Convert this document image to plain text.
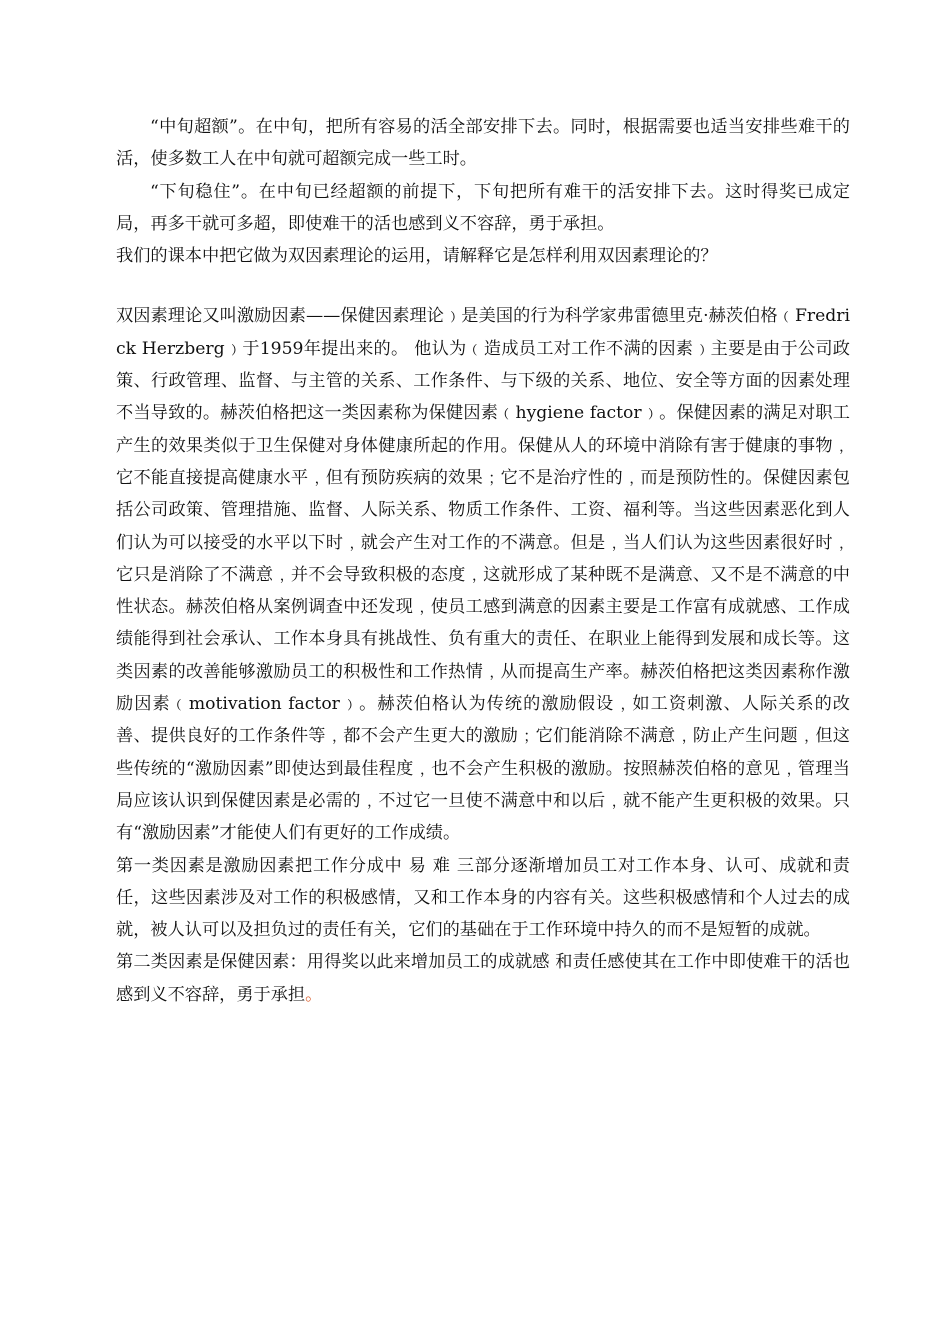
“中旬超额”。在中旬，把所有容易的活全部安排下去。同时，根据需要也适当安排些难干的活，使多数工人在中旬就可超额完成一些工时。

“下旬稳住”。在中旬已经超额的前提下，下旬把所有难干的活安排下去。这时得奖已成定局，再多干就可多超，即使难干的活也感到义不容辞，勇于承担。

我们的课本中把它做为双因素理论的运用，请解释它是怎样利用双因素理论的？

双因素理论又叫激励因素——保健因素理论﹚是美国的行为科学家弗雷德里克·赫茨伯格﹙Fredrick Herzberg﹚于1959年提出来的。 他认为﹙造成员工对工作不满的因素﹚主要是由于公司政策、行政管理、监督、与主管的关系、工作条件、与下级的关系、地位、安全等方面的因素处理不当导致的。赫茨伯格把这一类因素称为保健因素﹙hygiene factor﹚。保健因素的满足对职工产生的效果类似于卫生保健对身体健康所起的作用。保健从人的环境中消除有害于健康的事物﹐它不能直接提高健康水平﹐但有预防疾病的效果﹔它不是治疗性的﹐而是预防性的。保健因素包括公司政策、管理措施、监督、人际关系、物质工作条件、工资、福利等。当这些因素恶化到人们认为可以接受的水平以下时﹐就会产生对工作的不满意。但是﹐当人们认为这些因素很好时﹐它只是消除了不满意﹐并不会导致积极的态度﹐这就形成了某种既不是满意、又不是不满意的中性状态。赫茨伯格从案例调查中还发现﹐使员工感到满意的因素主要是工作富有成就感、工作成绩能得到社会承认、工作本身具有挑战性、负有重大的责任、在职业上能得到发展和成长等。这类因素的改善能够激励员工的积极性和工作热情﹐从而提高生产率。赫茨伯格把这类因素称作激励因素﹙motivation factor﹚。赫茨伯格认为传统的激励假设﹐如工资刺激、人际关系的改善、提供良好的工作条件等﹐都不会产生更大的激励﹔它们能消除不满意﹐防止产生问题﹐但这些传统的“激励因素”即使达到最佳程度﹐也不会产生积极的激励。按照赫茨伯格的意见﹐管理当局应该认识到保健因素是必需的﹐不过它一旦使不满意中和以后﹐就不能产生更积极的效果。只有“激励因素”才能使人们有更好的工作成绩。

第一类因素是激励因素把工作分成中 易 难 三部分逐渐增加员工对工作本身、认可、成就和责任，这些因素涉及对工作的积极感情，又和工作本身的内容有关。这些积极感情和个人过去的成就，被人认可以及担负过的责任有关，它们的基础在于工作环境中持久的而不是短暂的成就。

第二类因素是保健因素：用得奖以此来增加员工的成就感 和责任感使其在工作中即使难干的活也感到义不容辞，勇于承担。
